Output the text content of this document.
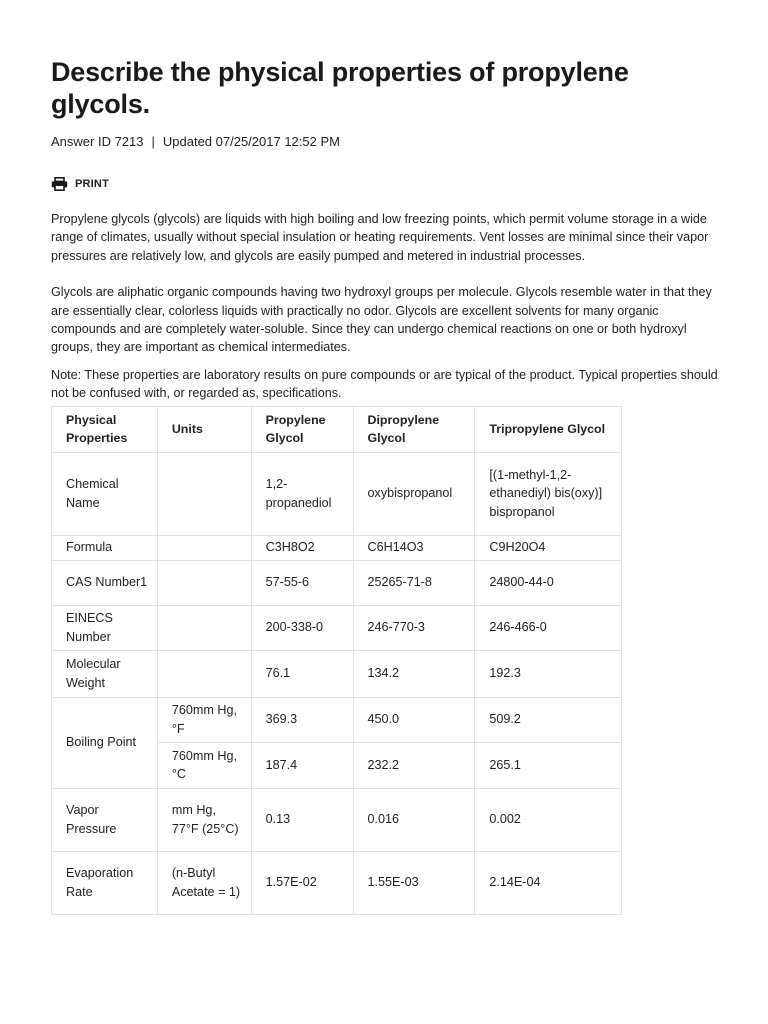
Describe the physical properties of propylene glycols.
Answer ID 7213 | Updated 07/25/2017 12:52 PM
PRINT

Propylene glycols (glycols) are liquids with high boiling and low freezing points, which permit volume storage in a wide range of climates, usually without special insulation or heating requirements. Vent losses are minimal since their vapor pressures are relatively low, and glycols are easily pumped and metered in industrial processes.

Glycols are aliphatic organic compounds having two hydroxyl groups per molecule. Glycols resemble water in that they are essentially clear, colorless liquids with practically no odor. Glycols are excellent solvents for many organic compounds and are completely water-soluble. Since they can undergo chemical reactions on one or both hydroxyl groups, they are important as chemical intermediates.

Note: These properties are laboratory results on pure compounds or are typical of the product. Typical properties should not be confused with, or regarded as, specifications.

Physical Properties	Units	Propylene Glycol	Dipropylene Glycol	Tripropylene Glycol
Chemical Name		1,2-propanediol	oxybispropanol	[(1-methyl-1,2-ethanediyl) bis(oxy)] bispropanol
Formula		C3H8O2	C6H14O3	C9H20O4
CAS Number1		57-55-6	25265-71-8	24800-44-0
EINECS Number		200-338-0	246-770-3	246-466-0
Molecular Weight		76.1	134.2	192.3
Boiling Point	760mm Hg, °F	369.3	450.0	509.2
	760mm Hg, °C	187.4	232.2	265.1
Vapor Pressure	mm Hg, 77°F (25°C)	0.13	0.016	0.002
Evaporation Rate	(n-Butyl Acetate = 1)	1.57E-02	1.55E-03	2.14E-04
